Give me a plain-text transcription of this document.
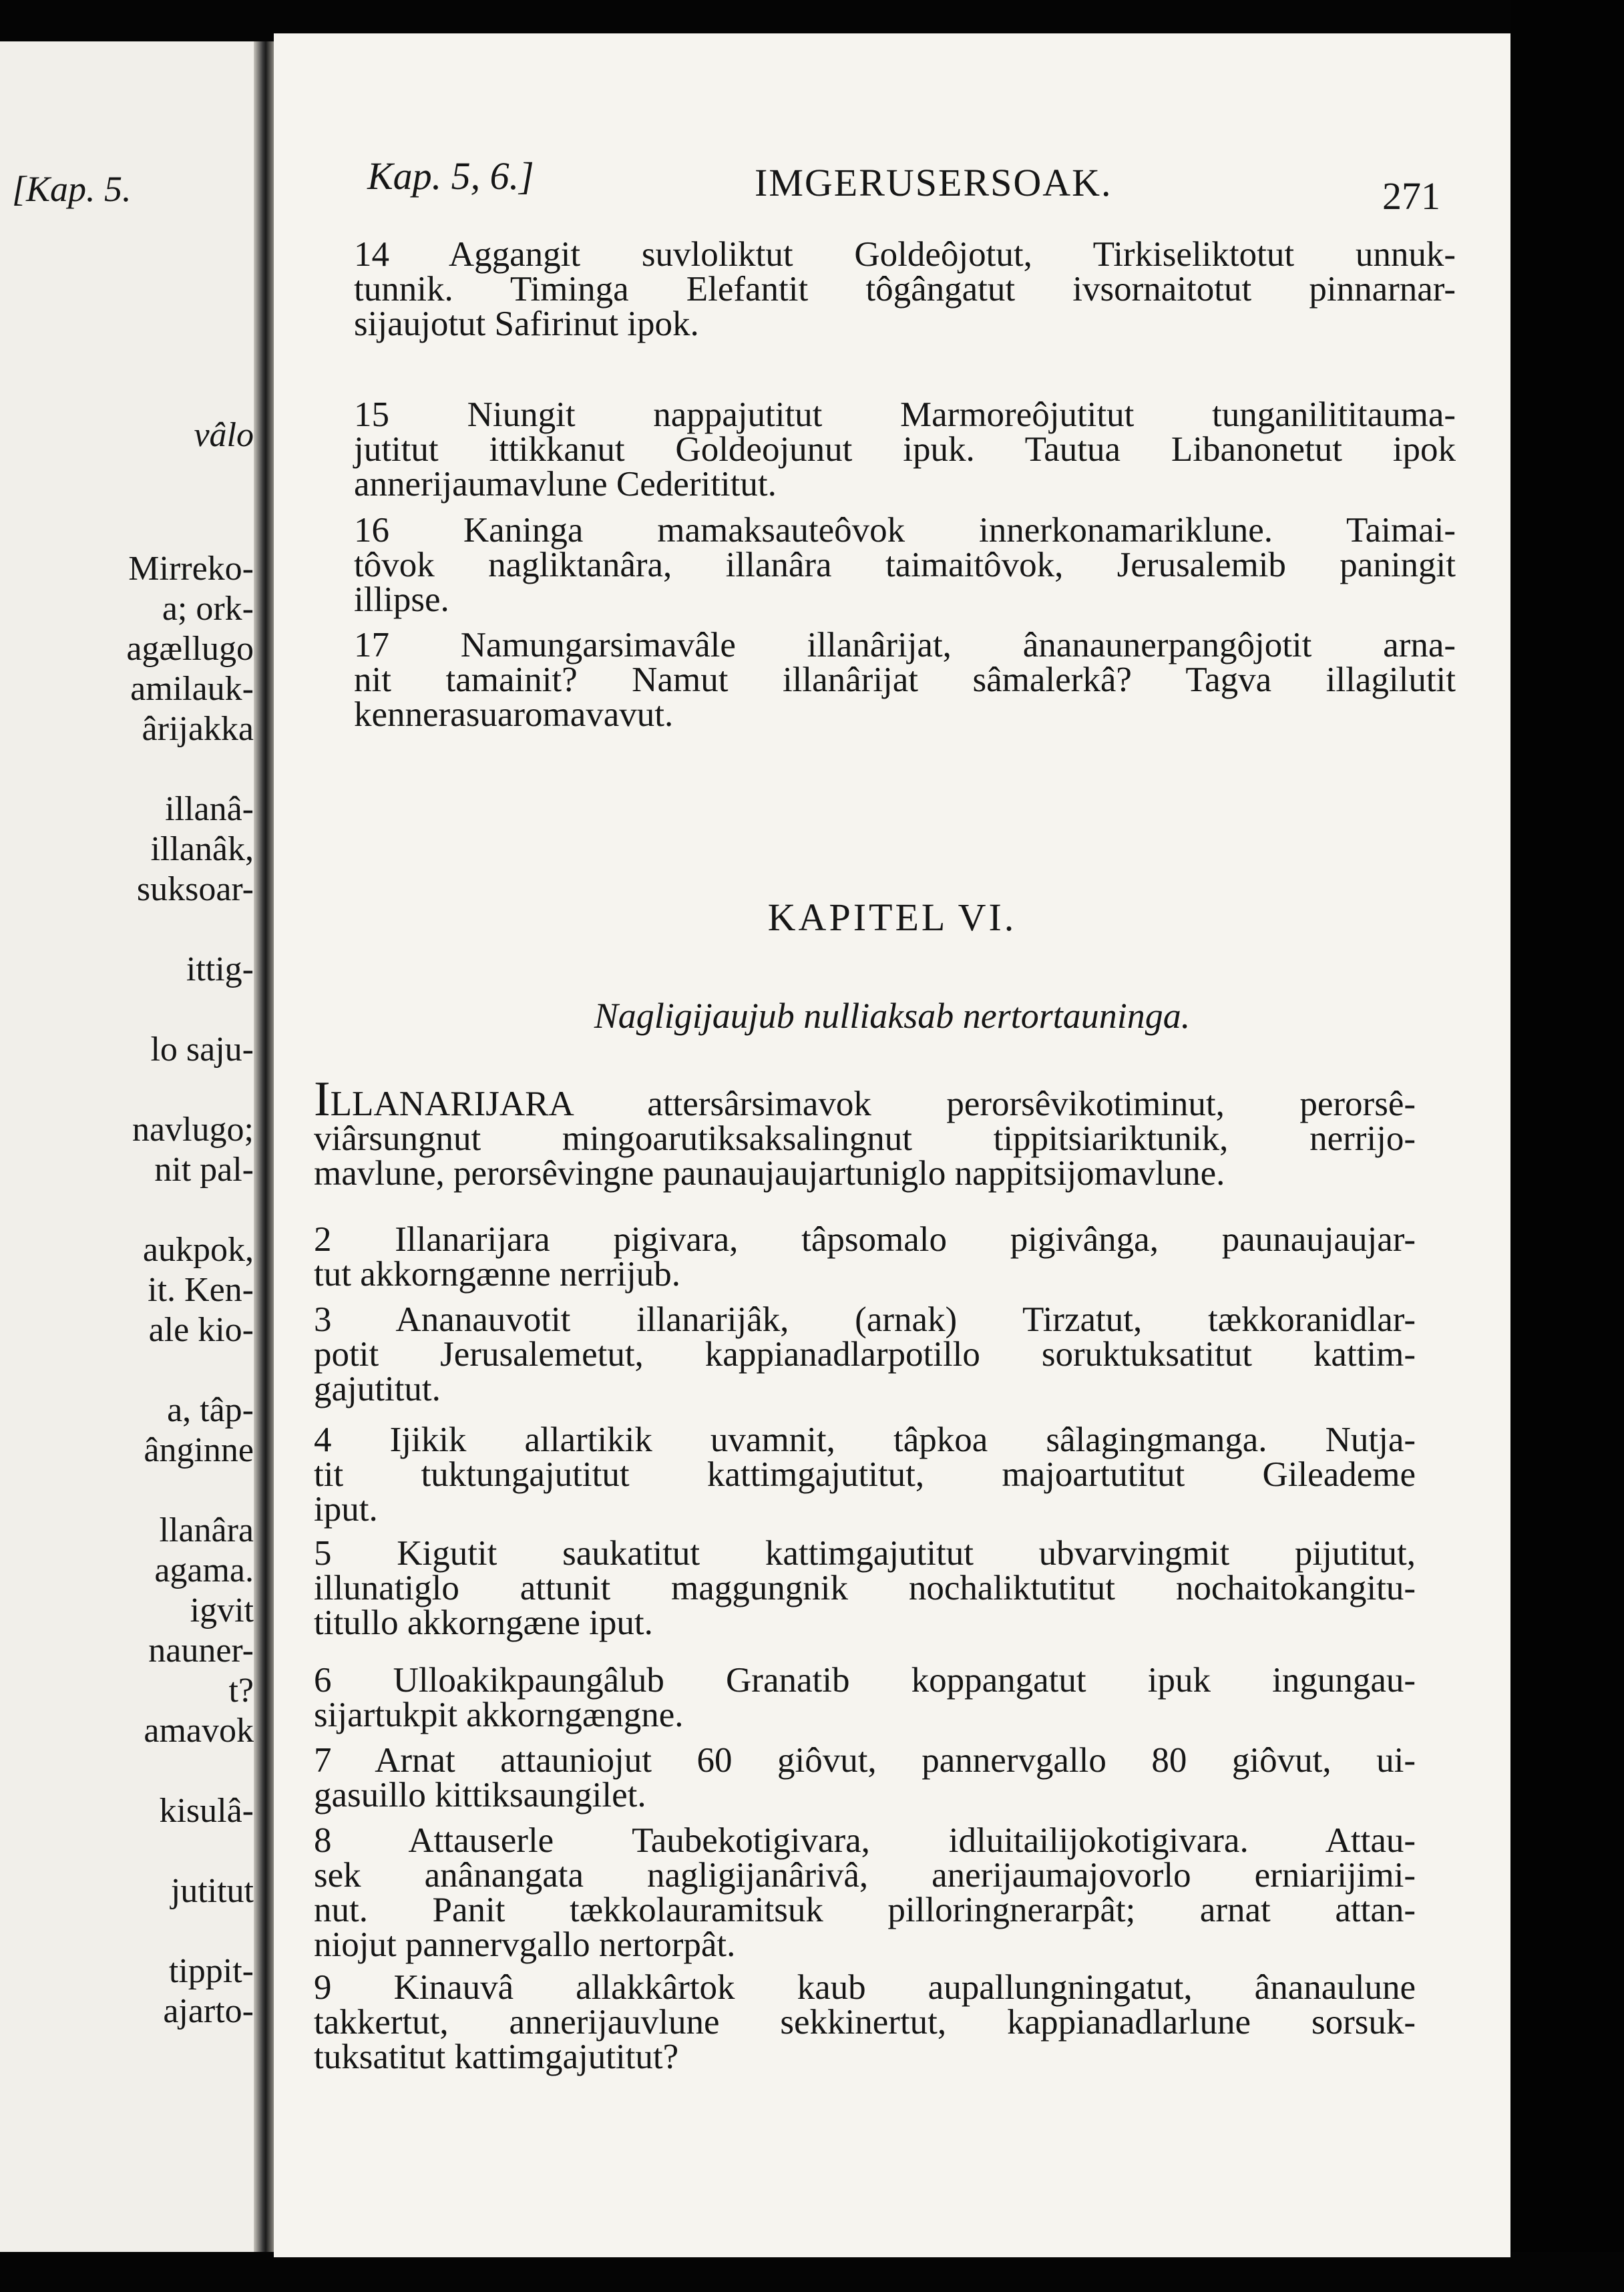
[Kap. 5.
vâlo
Mirreko-
a; ork-
agællugo
amilauk-
ârijakka
illanâ-
illanâk,
suksoar-
ittig-
lo saju-
navlugo;
nit pal-
aukpok,
it. Ken-
ale kio-
a, tâp-
ânginne
llanâra
agama.
igvit
nauner-
t?
amavok
kisulâ-
jutitut
tippit-
ajarto-
Kap. 5, 6.]	IMGERUSERSOAK.	271
14 Aggangit suvloliktut Goldeôjotut, Tirkiseliktotut unnuk-
tunnik. Timinga Elefantit tôgângatut ivsornaitotut pinnarnar-
sijaujotut Safirinut ipok.
15 Niungit nappajutitut Marmoreôjutitut tunganilititauma-
jutitut ittikkanut Goldeojunut ipuk. Tautua Libanonetut ipok
annerijaumavlune Cederititut.
16 Kaninga mamaksauteôvok innerkonamariklune. Taimai-
tôvok nagliktanâra, illanâra taimaitôvok, Jerusalemib paningit
illipse.
17 Namungarsimavâle illanârijat, ânanaunerpangôjotit arna-
nit tamainit? Namut illanârijat sâmalerkâ? Tagva illagilutit
kennerasuaromavavut.
KAPITEL VI.
Nagligijaujub nulliaksab nertortauninga.
ILLANARIJARA attersârsimavok perorsêvikotiminut, perorsê-
viârsungnut mingoarutiksaksalingnut tippitsiariktunik, nerrijo-
mavlune, perorsêvingne paunaujaujartuniglo nappitsijomavlune.
2 Illanarijara pigivara, tâpsomalo pigivânga, paunaujaujar-
tut akkorngænne nerrijub.
3 Ananauvotit illanarijâk, (arnak) Tirzatut, tækkoranidlar-
potit Jerusalemetut, kappianadlarpotillo soruktuksatitut kattim-
gajutitut.
4 Ijikik allartikik uvamnit, tâpkoa sâlagingmanga. Nutja-
tit tuktungajutitut kattimgajutitut, majoartutitut Gileademe
iput.
5 Kigutit saukatitut kattimgajutitut ubvarvingmit pijutitut,
illunatiglo attunit maggungnik nochaliktutitut nochaitokangitu-
titullo akkorngæne iput.
6 Ulloakikpaungâlub Granatib koppangatut ipuk ingungau-
sijartukpit akkorngængne.
7 Arnat attauniojut 60 giôvut, pannervgallo 80 giôvut, ui-
gasuillo kittiksaungilet.
8 Attauserle Taubekotigivara, idluitailijokotigivara. Attau-
sek anânangata nagligijanârivâ, anerijaumajovorlo erniarijimi-
nut. Panit tækkolauramitsuk pilloringnerarpât; arnat attan-
niojut pannervgallo nertorpât.
9 Kinauvâ allakkârtok kaub aupallungningatut, ânanaulune
takkertut, annerijauvlune sekkinertut, kappianadlarlune sorsuk-
tuksatitut kattimgajutitut?
